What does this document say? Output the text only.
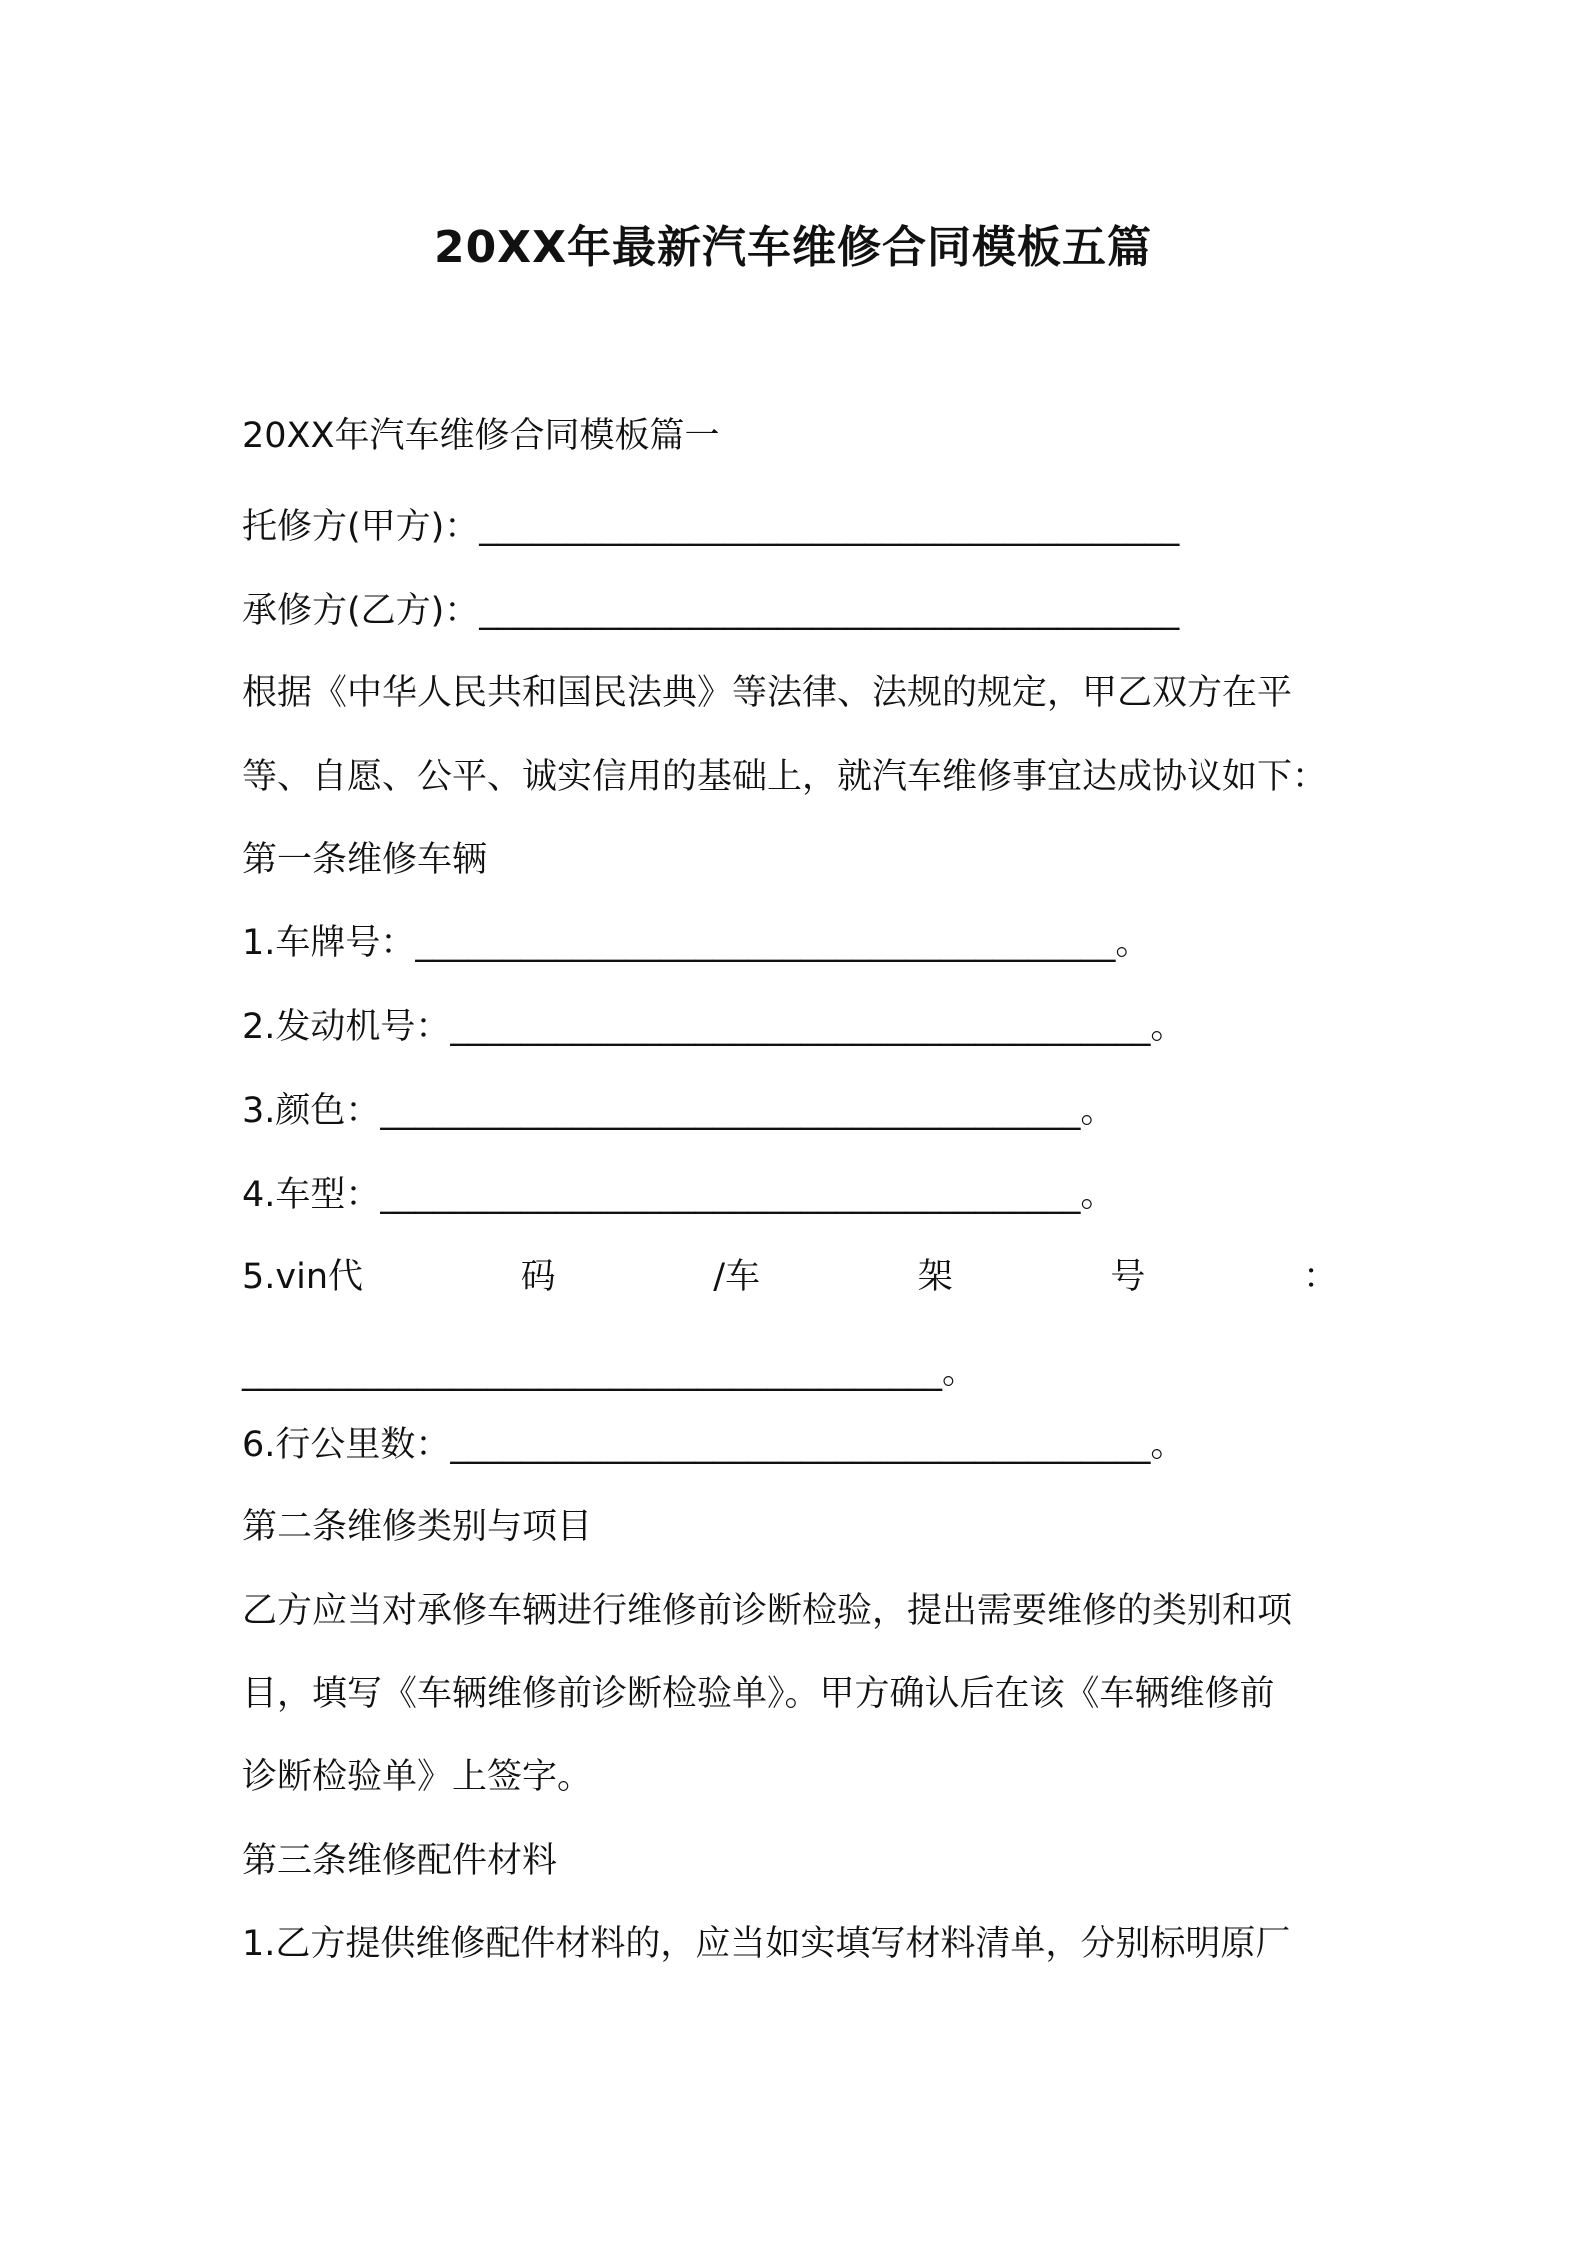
20XX年最新汽车维修合同模板五篇
20XX年汽车维修合同模板篇一
托修方(甲方)：________________________________________
承修方(乙方)：________________________________________
根据《中华人民共和国民法典》等法律、法规的规定，甲乙双方在平
等、自愿、公平、诚实信用的基础上，就汽车维修事宜达成协议如下：
第一条维修车辆
1.车牌号：________________________________________。
2.发动机号：________________________________________。
3.颜色：________________________________________。
4.车型：________________________________________。
5.vin代	码	/车	架	号	：
________________________________________。
6.行公里数：________________________________________。
第二条维修类别与项目
乙方应当对承修车辆进行维修前诊断检验，提出需要维修的类别和项
目，填写《车辆维修前诊断检验单》。甲方确认后在该《车辆维修前
诊断检验单》上签字。
第三条维修配件材料
1.乙方提供维修配件材料的，应当如实填写材料清单，分别标明原厂
